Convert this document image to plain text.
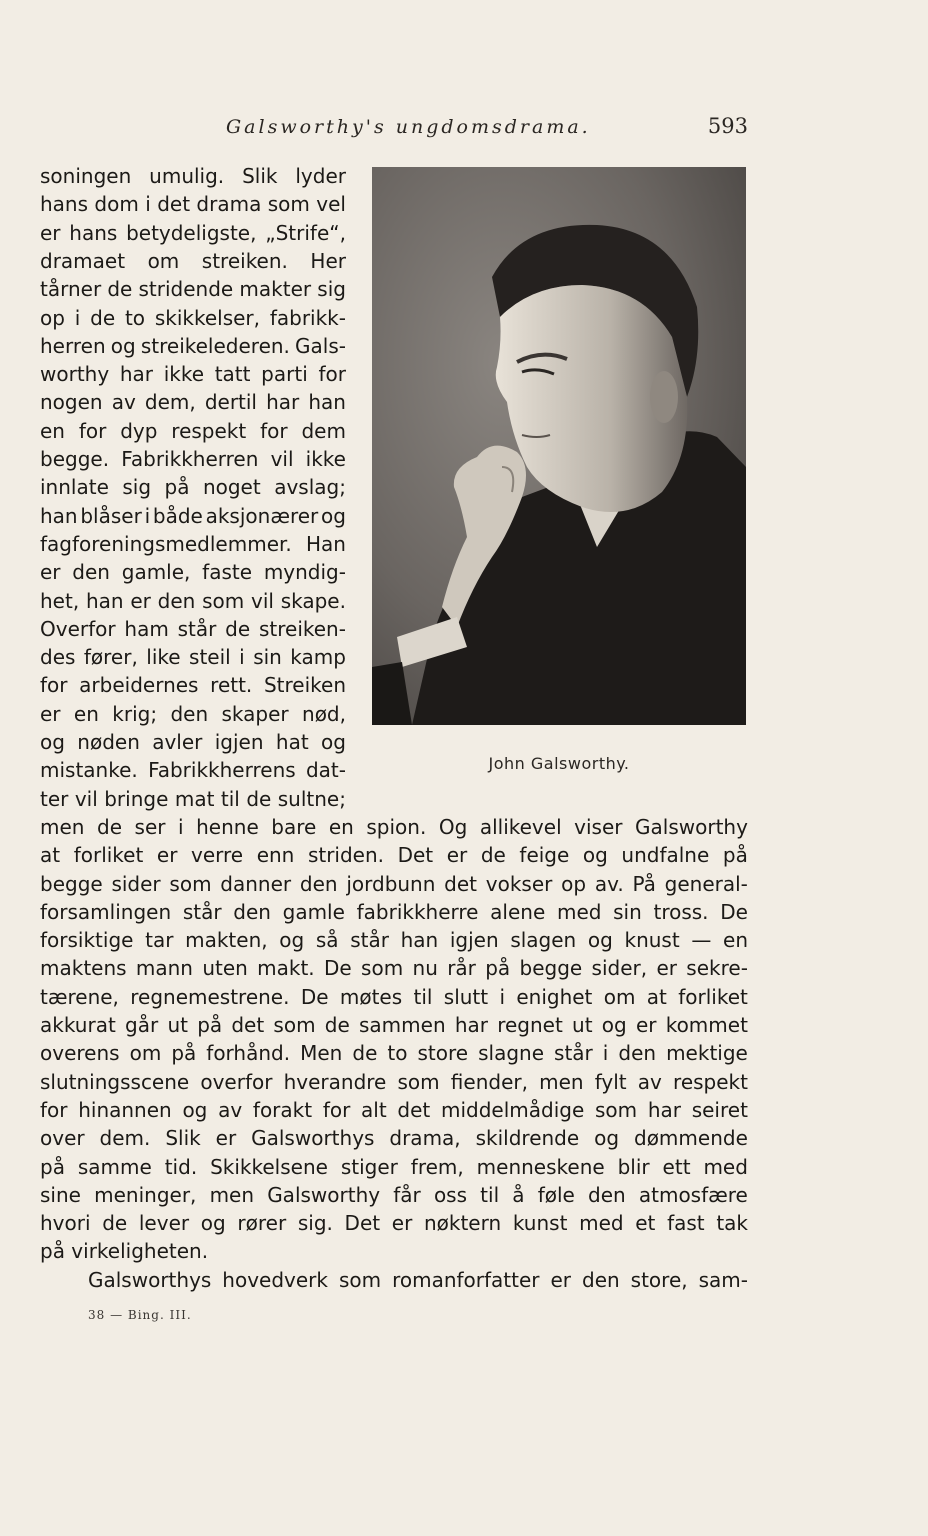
Galsworthy's ungdomsdrama.	593
John Galsworthy.
soningen umulig. Slik lyder
hans dom i det drama som vel
er hans betydeligste, „Strife“,
dramaet om streiken. Her
tårner de stridende makter sig
op i de to skikkelser, fabrikk-
herren og streikelederen. Gals-
worthy har ikke tatt parti for
nogen av dem, dertil har han
en for dyp respekt for dem
begge. Fabrikkherren vil ikke
innlate sig på noget avslag;
han blåser i både aksjonærer og
fagforeningsmedlemmer. Han
er den gamle, faste myndig-
het, han er den som vil skape.
Overfor ham står de streiken-
des fører, like steil i sin kamp
for arbeidernes rett. Streiken
er en krig; den skaper nød,
og nøden avler igjen hat og
mistanke. Fabrikkherrens dat-
ter vil bringe mat til de sultne;
men de ser i henne bare en spion. Og allikevel viser Galsworthy
at forliket er verre enn striden. Det er de feige og undfalne på
begge sider som danner den jordbunn det vokser op av. På general-
forsamlingen står den gamle fabrikkherre alene med sin tross. De
forsiktige tar makten, og så står han igjen slagen og knust — en
maktens mann uten makt. De som nu rår på begge sider, er sekre-
tærene, regnemestrene. De møtes til slutt i enighet om at forliket
akkurat går ut på det som de sammen har regnet ut og er kommet
overens om på forhånd. Men de to store slagne står i den mektige
slutningsscene overfor hverandre som fiender, men fylt av respekt
for hinannen og av forakt for alt det middelmådige som har seiret
over dem. Slik er Galsworthys drama, skildrende og dømmende
på samme tid. Skikkelsene stiger frem, menneskene blir ett med
sine meninger, men Galsworthy får oss til å føle den atmosfære
hvori de lever og rører sig. Det er nøktern kunst med et fast tak
på virkeligheten.
Galsworthys hovedverk som romanforfatter er den store, sam-
38 — Bing. III.
